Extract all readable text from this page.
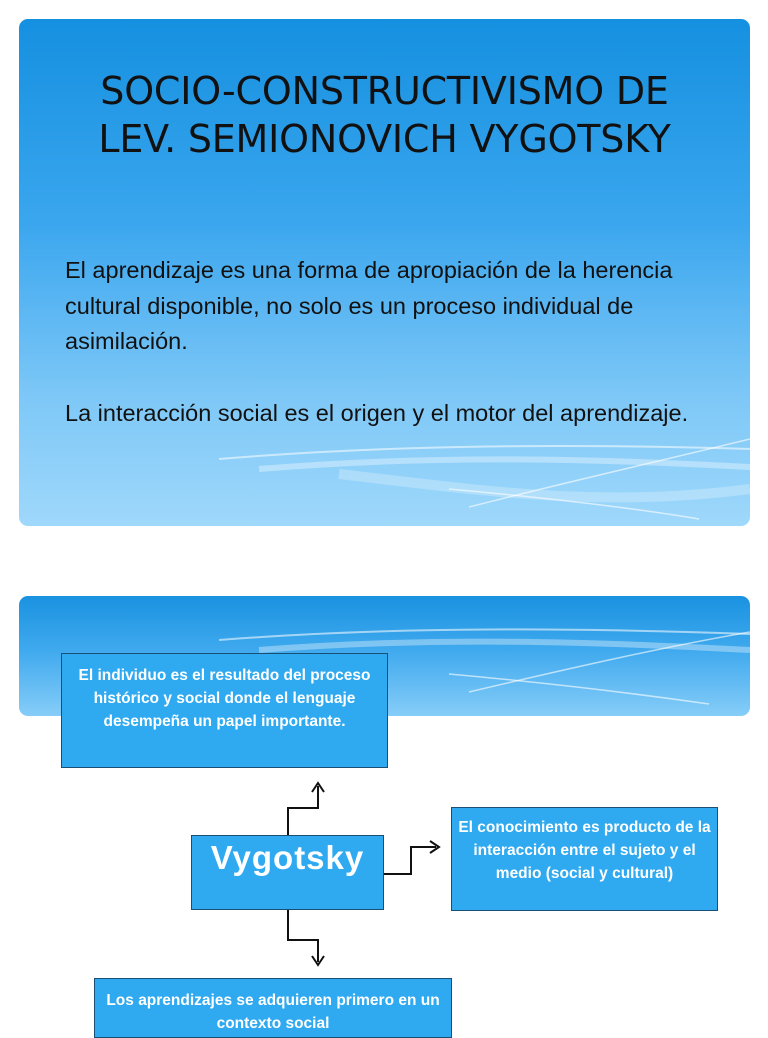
SOCIO-CONSTRUCTIVISMO DE
LEV. SEMIONOVICH VYGOTSKY

El aprendizaje es una forma de apropiación de la herencia cultural disponible, no solo es un proceso individual de asimilación.

La interacción social es el origen y el motor del aprendizaje.

El individuo es el resultado del proceso histórico y social donde el lenguaje desempeña un papel importante.
El conocimiento es producto de la interacción entre el sujeto y el medio (social y cultural)
Vygotsky
Los aprendizajes se adquieren primero en un contexto social
